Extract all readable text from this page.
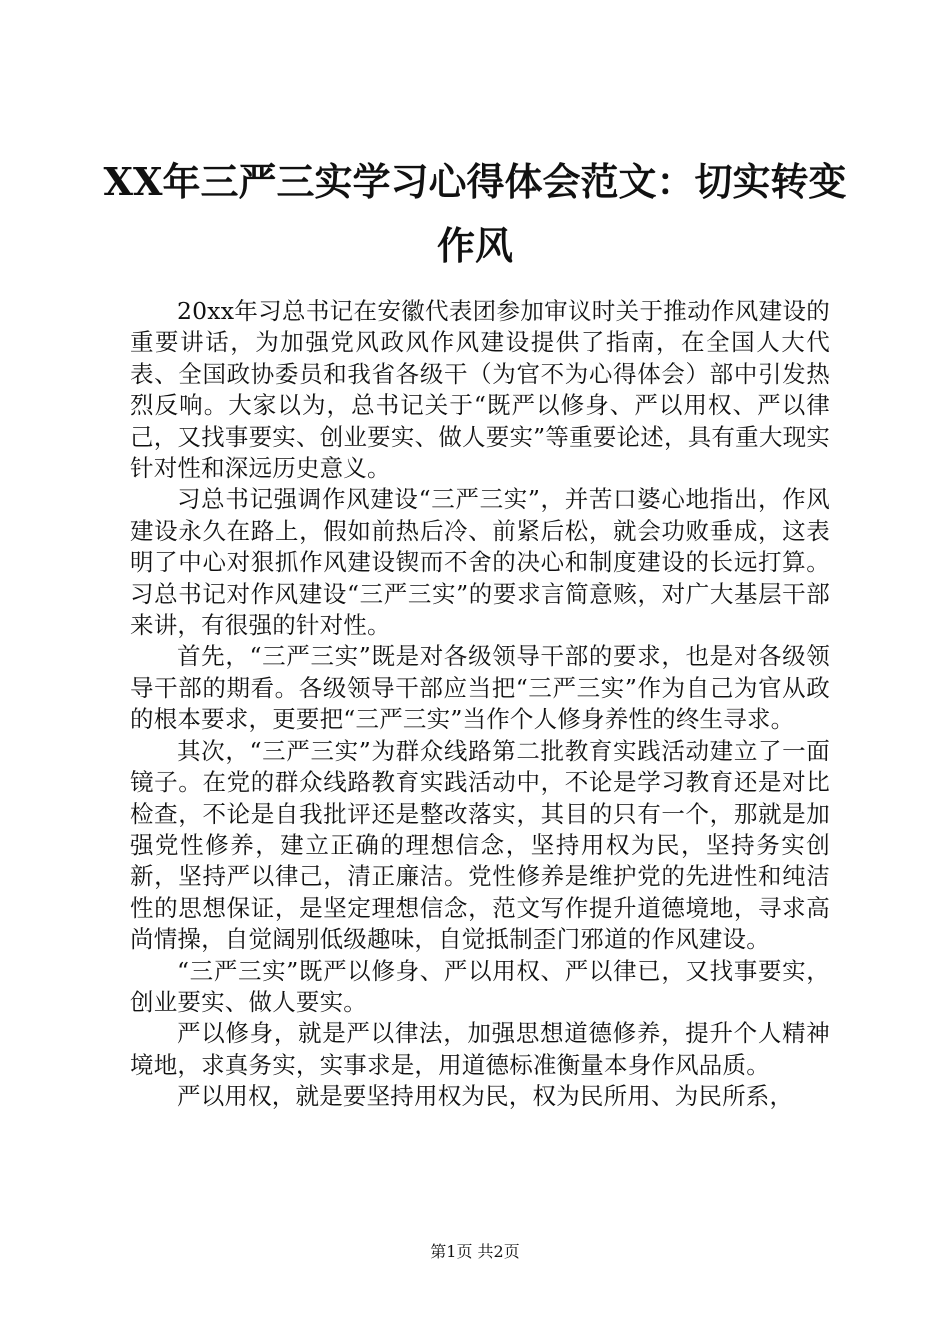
XX年三严三实学习心得体会范文：切实转变作风

20xx年习总书记在安徽代表团参加审议时关于推动作风建设的重要讲话，为加强党风政风作风建设提供了指南，在全国人大代表、全国政协委员和我省各级干（为官不为心得体会）部中引发热烈反响。大家以为，总书记关于“既严以修身、严以用权、严以律己，又找事要实、创业要实、做人要实”等重要论述，具有重大现实针对性和深远历史意义。

习总书记强调作风建设“三严三实”，并苦口婆心地指出，作风建设永久在路上，假如前热后冷、前紧后松，就会功败垂成，这表明了中心对狠抓作风建设锲而不舍的决心和制度建设的长远打算。习总书记对作风建设“三严三实”的要求言简意赅，对广大基层干部来讲，有很强的针对性。

首先，“三严三实”既是对各级领导干部的要求，也是对各级领导干部的期看。各级领导干部应当把“三严三实”作为自己为官从政的根本要求，更要把“三严三实”当作个人修身养性的终生寻求。

其次，“三严三实”为群众线路第二批教育实践活动建立了一面镜子。在党的群众线路教育实践活动中，不论是学习教育还是对比检查，不论是自我批评还是整改落实，其目的只有一个，那就是加强党性修养，建立正确的理想信念，坚持用权为民，坚持务实创新，坚持严以律己，清正廉洁。党性修养是维护党的先进性和纯洁性的思想保证，是坚定理想信念，范文写作提升道德境地，寻求高尚情操，自觉阔别低级趣味，自觉抵制歪门邪道的作风建设。

“三严三实”既严以修身、严以用权、严以律已，又找事要实，创业要实、做人要实。

严以修身，就是严以律法，加强思想道德修养，提升个人精神境地，求真务实，实事求是，用道德标准衡量本身作风品质。

严以用权，就是要坚持用权为民，权为民所用、为民所系，

第1页 共2页
